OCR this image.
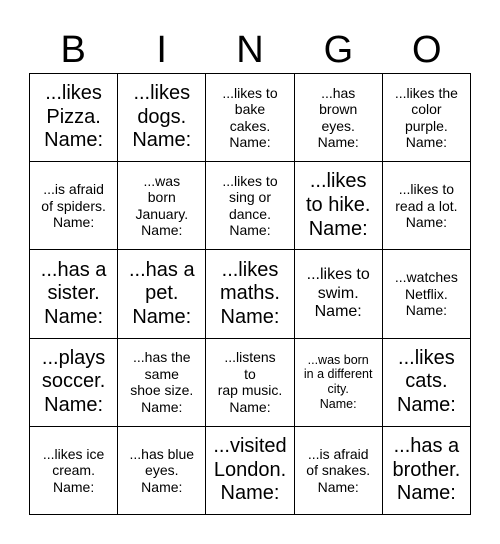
B	I	N	G	O
...likes
Pizza.
Name:
...likes
dogs.
Name:
...likes to
bake
cakes.
Name:
...has
brown
eyes.
Name:
...likes the
color
purple.
Name:
...is afraid
of spiders.
Name:
...was
born
January.
Name:
...likes to
sing or
dance.
Name:
...likes
to hike.
Name:
...likes to
read a lot.
Name:
...has a
sister.
Name:
...has a
pet.
Name:
...likes
maths.
Name:
...likes to
swim.
Name:
...watches
Netflix.
Name:
...plays
soccer.
Name:
...has the
same
shoe size.
Name:
...listens
to
rap music.
Name:
...was born
in a different
city.
Name:
...likes
cats.
Name:
...likes ice
cream.
Name:
...has blue
eyes.
Name:
...visited
London.
Name:
...is afraid
of snakes.
Name:
...has a
brother.
Name:
